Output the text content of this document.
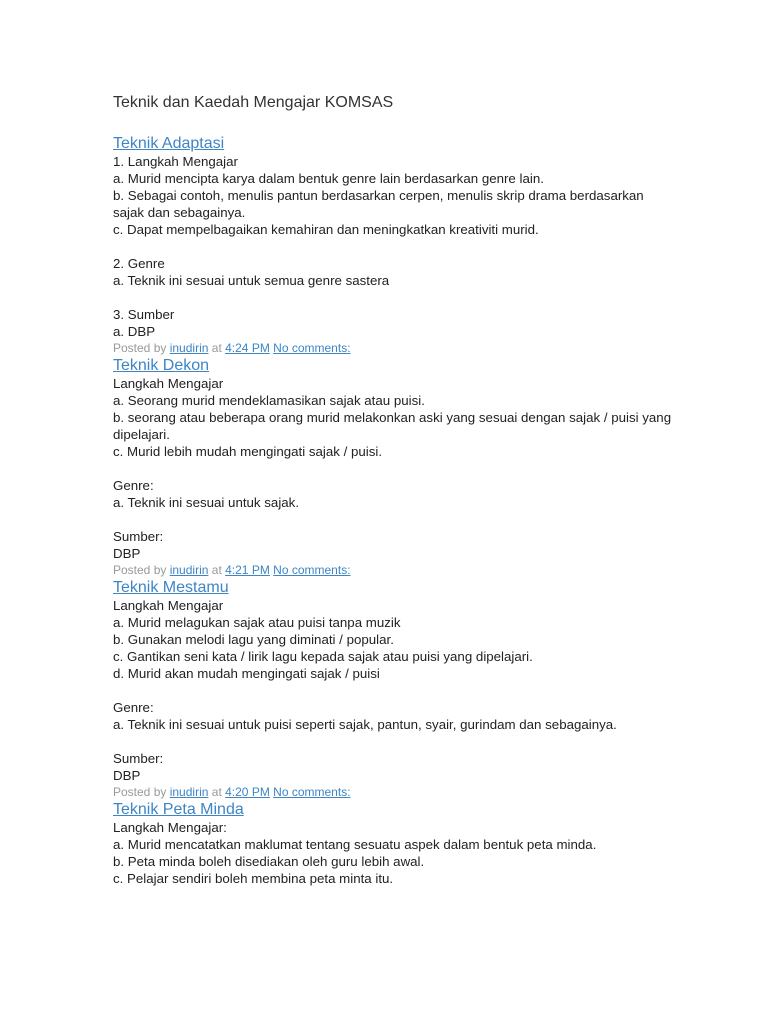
Teknik dan Kaedah Mengajar KOMSAS
Teknik Adaptasi
1. Langkah Mengajar
a. Murid mencipta karya dalam bentuk genre lain berdasarkan genre lain.
b. Sebagai contoh, menulis pantun berdasarkan cerpen, menulis skrip drama berdasarkan sajak dan sebagainya.
c. Dapat mempelbagaikan kemahiran dan meningkatkan kreativiti murid.
2. Genre
a. Teknik ini sesuai untuk semua genre sastera
3. Sumber
a. DBP
Posted by inudirin at 4:24 PM No comments:
Teknik Dekon
Langkah Mengajar
a. Seorang murid mendeklamasikan sajak atau puisi.
b. seorang atau beberapa orang murid melakonkan aski yang sesuai dengan sajak / puisi yang dipelajari.
c. Murid lebih mudah mengingati sajak / puisi.
Genre:
a. Teknik ini sesuai untuk sajak.
Sumber:
DBP
Posted by inudirin at 4:21 PM No comments:
Teknik Mestamu
Langkah Mengajar
a. Murid melagukan sajak atau puisi tanpa muzik
b. Gunakan melodi lagu yang diminati / popular.
c. Gantikan seni kata / lirik lagu kepada sajak atau puisi yang dipelajari.
d. Murid akan mudah mengingati sajak / puisi
Genre:
a. Teknik ini sesuai untuk puisi seperti sajak, pantun, syair, gurindam dan sebagainya.
Sumber:
DBP
Posted by inudirin at 4:20 PM No comments:
Teknik Peta Minda
Langkah Mengajar:
a. Murid mencatatkan maklumat tentang sesuatu aspek dalam bentuk peta minda.
b. Peta minda boleh disediakan oleh guru lebih awal.
c. Pelajar sendiri boleh membina peta minta itu.
